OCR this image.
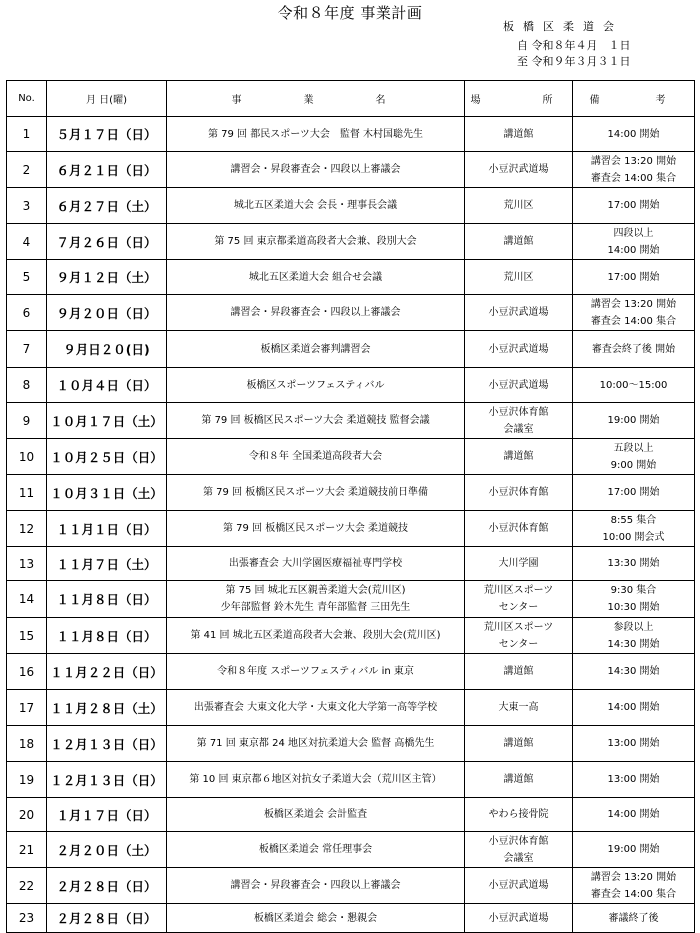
令和８年度 事業計画
板橋区柔道会
自 令和８年４月　１日
至 令和９年３月３１日
No.	月 日(曜)	事　　業　　名	場　　所	備　　考
1	５月１７日（日）	第 79 回 都民スポーツ大会　監督 木村国聡先生	講道館	14:00 開始

2	６月２１日（日）	講習会・昇段審査会・四段以上審議会	小豆沢武道場	講習会 13:20 開始
審査会 14:00 集合

3	６月２７日（土）	城北五区柔道大会 会長・理事長会議	荒川区	17:00 開始

4	７月２６日（日）	第 75 回 東京都柔道高段者大会兼、段別大会	講道館	四段以上
14:00 開始

5	９月１２日（土）	城北五区柔道大会 組合せ会議	荒川区	17:00 開始

6	９月２０日（日）	講習会・昇段審査会・四段以上審議会	小豆沢武道場	講習会 13:20 開始
審査会 14:00 集合

7	９月日２０(日)	板橋区柔道会審判講習会	小豆沢武道場	審査会終了後 開始

8	１０月４日（日）	板橋区スポーツフェスティバル	小豆沢武道場	10:00～15:00

9	１０月１７日（土）	第 79 回 板橋区民スポーツ大会 柔道競技 監督会議	小豆沢体育館
会議室	19:00 開始

10	１０月２５日（日）	令和８年 全国柔道高段者大会	講道館	五段以上
9:00 開始

11	１０月３１日（土）	第 79 回 板橋区民スポーツ大会 柔道競技前日準備	小豆沢体育館	17:00 開始

12	１１月１日（日）	第 79 回 板橋区民スポーツ大会 柔道競技	小豆沢体育館	8:55 集合
10:00 開会式

13	１１月７日（土）	出張審査会 大川学園医療福祉専門学校	大川学園	13:30 開始

14	１１月８日（日）	第 75 回 城北五区親善柔道大会(荒川区)
少年部監督 鈴木先生 青年部監督 三田先生	荒川区スポーツ
センター	9:30 集合
10:30 開始

15	１１月８日（日）	第 41 回 城北五区柔道高段者大会兼、段別大会(荒川区)	荒川区スポーツ
センター	参段以上
14:30 開始

16	１１月２２日（日）	令和８年度 スポーツフェスティバル in 東京	講道館	14:30 開始

17	１１月２８日（土）	出張審査会 大東文化大学・大東文化大学第一高等学校	大東一高	14:00 開始

18	１２月１３日（日）	第 71 回 東京都 24 地区対抗柔道大会 監督 高橋先生	講道館	13:00 開始

19	１２月１３日（日）	第 10 回 東京都６地区対抗女子柔道大会（荒川区主管）	講道館	13:00 開始

20	１月１７日（日）	板橋区柔道会 会計監査	やわら接骨院	14:00 開始

21	２月２０日（土）	板橋区柔道会 常任理事会	小豆沢体育館
会議室	19:00 開始

22	２月２８日（日）	講習会・昇段審査会・四段以上審議会	小豆沢武道場	講習会 13:20 開始
審査会 14:00 集合

23	２月２８日（日）	板橋区柔道会 総会・懇親会	小豆沢武道場	審議終了後
